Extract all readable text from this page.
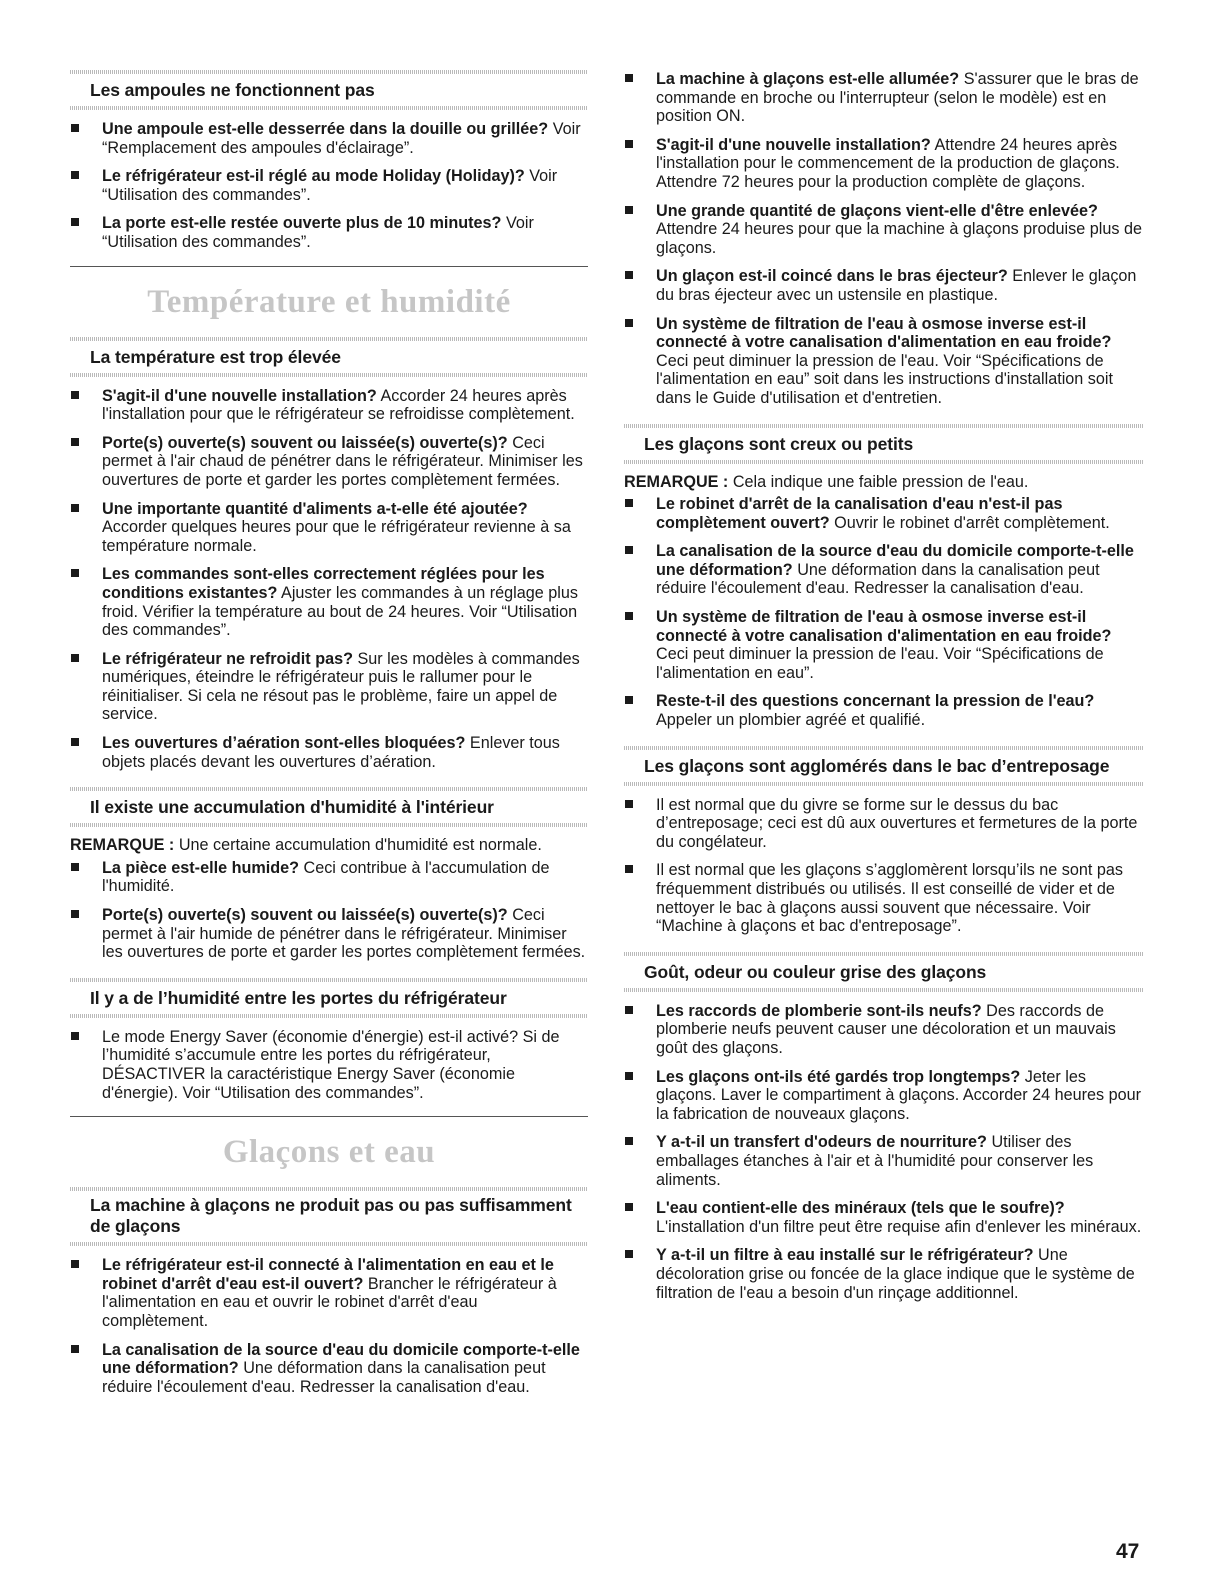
Les ampoules ne fonctionnent pas
Une ampoule est-elle desserrée dans la douille ou grillée? Voir “Remplacement des ampoules d'éclairage”.
Le réfrigérateur est-il réglé au mode Holiday (Holiday)? Voir “Utilisation des commandes”.
La porte est-elle restée ouverte plus de 10 minutes? Voir “Utilisation des commandes”.
Température et humidité
La température est trop élevée
S'agit-il d'une nouvelle installation? Accorder 24 heures après l'installation pour que le réfrigérateur se refroidisse complètement.
Porte(s) ouverte(s) souvent ou laissée(s) ouverte(s)? Ceci permet à l'air chaud de pénétrer dans le réfrigérateur. Minimiser les ouvertures de porte et garder les portes complètement fermées.
Une importante quantité d'aliments a-t-elle été ajoutée? Accorder quelques heures pour que le réfrigérateur revienne à sa température normale.
Les commandes sont-elles correctement réglées pour les conditions existantes? Ajuster les commandes à un réglage plus froid. Vérifier la température au bout de 24 heures. Voir “Utilisation des commandes”.
Le réfrigérateur ne refroidit pas? Sur les modèles à commandes numériques, éteindre le réfrigérateur puis le rallumer pour le réinitialiser. Si cela ne résout pas le problème, faire un appel de service.
Les ouvertures d’aération sont-elles bloquées? Enlever tous objets placés devant les ouvertures d’aération.
Il existe une accumulation d'humidité à l'intérieur

REMARQUE : Une certaine accumulation d'humidité est normale.

La pièce est-elle humide? Ceci contribue à l'accumulation de l'humidité.
Porte(s) ouverte(s) souvent ou laissée(s) ouverte(s)? Ceci permet à l'air humide de pénétrer dans le réfrigérateur. Minimiser les ouvertures de porte et garder les portes complètement fermées.
Il y a de l’humidité entre les portes du réfrigérateur
Le mode Energy Saver (économie d'énergie) est-il activé? Si de l’humidité s’accumule entre les portes du réfrigérateur, DÉSACTIVER la caractéristique Energy Saver (économie d'énergie). Voir “Utilisation des commandes”.
Glaçons et eau
La machine à glaçons ne produit pas ou pas suffisamment de glaçons
Le réfrigérateur est-il connecté à l'alimentation en eau et le robinet d'arrêt d'eau est-il ouvert? Brancher le réfrigérateur à l'alimentation en eau et ouvrir le robinet d'arrêt d'eau complètement.
La canalisation de la source d'eau du domicile comporte-t-elle une déformation? Une déformation dans la canalisation peut réduire l'écoulement d'eau. Redresser la canalisation d'eau.
La machine à glaçons est-elle allumée? S'assurer que le bras de commande en broche ou l'interrupteur (selon le modèle) est en position ON.
S'agit-il d'une nouvelle installation? Attendre 24 heures après l'installation pour le commencement de la production de glaçons. Attendre 72 heures pour la production complète de glaçons.
Une grande quantité de glaçons vient-elle d'être enlevée? Attendre 24 heures pour que la machine à glaçons produise plus de glaçons.
Un glaçon est-il coincé dans le bras éjecteur? Enlever le glaçon du bras éjecteur avec un ustensile en plastique.
Un système de filtration de l'eau à osmose inverse est-il connecté à votre canalisation d'alimentation en eau froide? Ceci peut diminuer la pression de l'eau. Voir “Spécifications de l'alimentation en eau” soit dans les instructions d'installation soit dans le Guide d'utilisation et d'entretien.
Les glaçons sont creux ou petits

REMARQUE : Cela indique une faible pression de l'eau.

Le robinet d'arrêt de la canalisation d'eau n'est-il pas complètement ouvert? Ouvrir le robinet d'arrêt complètement.
La canalisation de la source d'eau du domicile comporte-t-elle une déformation? Une déformation dans la canalisation peut réduire l'écoulement d'eau. Redresser la canalisation d'eau.
Un système de filtration de l'eau à osmose inverse est-il connecté à votre canalisation d'alimentation en eau froide? Ceci peut diminuer la pression de l'eau. Voir “Spécifications de l'alimentation en eau”.
Reste-t-il des questions concernant la pression de l'eau? Appeler un plombier agréé et qualifié.
Les glaçons sont agglomérés dans le bac d’entreposage
Il est normal que du givre se forme sur le dessus du bac d’entreposage; ceci est dû aux ouvertures et fermetures de la porte du congélateur.
Il est normal que les glaçons s’agglomèrent lorsqu’ils ne sont pas fréquemment distribués ou utilisés. Il est conseillé de vider et de nettoyer le bac à glaçons aussi souvent que nécessaire. Voir “Machine à glaçons et bac d'entreposage”.
Goût, odeur ou couleur grise des glaçons
Les raccords de plomberie sont-ils neufs? Des raccords de plomberie neufs peuvent causer une décoloration et un mauvais goût des glaçons.
Les glaçons ont-ils été gardés trop longtemps? Jeter les glaçons. Laver le compartiment à glaçons. Accorder 24 heures pour la fabrication de nouveaux glaçons.
Y a-t-il un transfert d'odeurs de nourriture? Utiliser des emballages étanches à l'air et à l'humidité pour conserver les aliments.
L'eau contient-elle des minéraux (tels que le soufre)? L'installation d'un filtre peut être requise afin d'enlever les minéraux.
Y a-t-il un filtre à eau installé sur le réfrigérateur? Une décoloration grise ou foncée de la glace indique que le système de filtration de l'eau a besoin d'un rinçage additionnel.
47
